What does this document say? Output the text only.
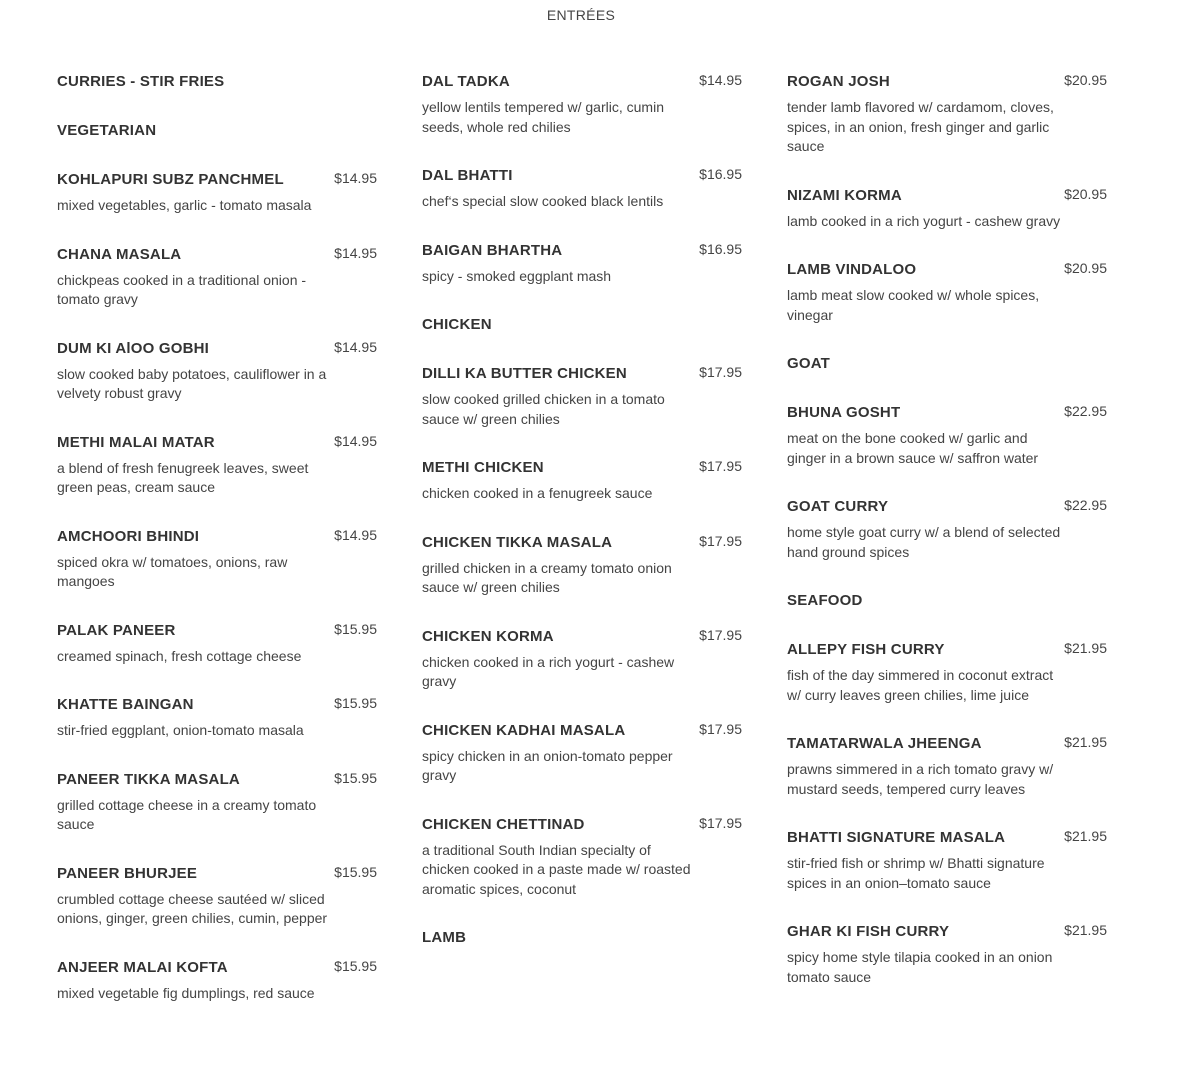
ENTRÉES
CURRIES - STIR FRIES
VEGETARIAN
KOHLAPURI SUBZ PANCHMEL	$14.95
mixed vegetables, garlic - tomato masala
CHANA MASALA	$14.95
chickpeas cooked in a traditional onion - tomato gravy
DUM KI AlOO GOBHI	$14.95
slow cooked baby potatoes, cauliflower in a velvety robust gravy
METHI MALAI MATAR	$14.95
a blend of fresh fenugreek leaves, sweet green peas, cream sauce
AMCHOORI BHINDI	$14.95
spiced okra w/ tomatoes, onions, raw mangoes
PALAK PANEER	$15.95
creamed spinach, fresh cottage cheese
KHATTE BAINGAN	$15.95
stir-fried eggplant, onion-tomato masala
PANEER TIKKA MASALA	$15.95
grilled cottage cheese in a creamy tomato sauce
PANEER BHURJEE	$15.95
crumbled cottage cheese sautéed w/ sliced onions, ginger, green chilies, cumin, pepper
ANJEER MALAI KOFTA	$15.95
mixed vegetable fig dumplings, red sauce
DAL TADKA	$14.95
yellow lentils tempered w/ garlic, cumin seeds, whole red chilies
DAL BHATTI	$16.95
chef‘s special slow cooked black lentils
BAIGAN BHARTHA	$16.95
spicy - smoked eggplant mash
CHICKEN
DILLI KA BUTTER CHICKEN	$17.95
slow cooked grilled chicken in a tomato sauce w/ green chilies
METHI CHICKEN	$17.95
chicken cooked in a fenugreek sauce
CHICKEN TIKKA MASALA	$17.95
grilled chicken in a creamy tomato onion sauce w/ green chilies
CHICKEN KORMA	$17.95
chicken cooked in a rich yogurt - cashew gravy
CHICKEN KADHAI MASALA	$17.95
spicy chicken in an onion-tomato pepper gravy
CHICKEN CHETTINAD	$17.95
a traditional South Indian specialty of chicken cooked in a paste made w/ roasted aromatic spices, coconut
LAMB
ROGAN JOSH	$20.95
tender lamb flavored w/ cardamom, cloves, spices, in an onion, fresh ginger and garlic sauce
NIZAMI KORMA	$20.95
lamb cooked in a rich yogurt - cashew gravy
LAMB VINDALOO	$20.95
lamb meat slow cooked w/ whole spices, vinegar
GOAT
BHUNA GOSHT	$22.95
meat on the bone cooked w/ garlic and ginger in a brown sauce w/ saffron water
GOAT CURRY	$22.95
home style goat curry w/ a blend of selected hand ground spices
SEAFOOD
ALLEPY FISH CURRY	$21.95
fish of the day simmered in coconut extract w/ curry leaves green chilies, lime juice
TAMATARWALA JHEENGA	$21.95
prawns simmered in a rich tomato gravy w/ mustard seeds, tempered curry leaves
BHATTI SIGNATURE MASALA	$21.95
stir-fried fish or shrimp w/ Bhatti signature spices in an onion–tomato sauce
GHAR KI FISH CURRY	$21.95
spicy home style tilapia cooked in an onion tomato sauce
